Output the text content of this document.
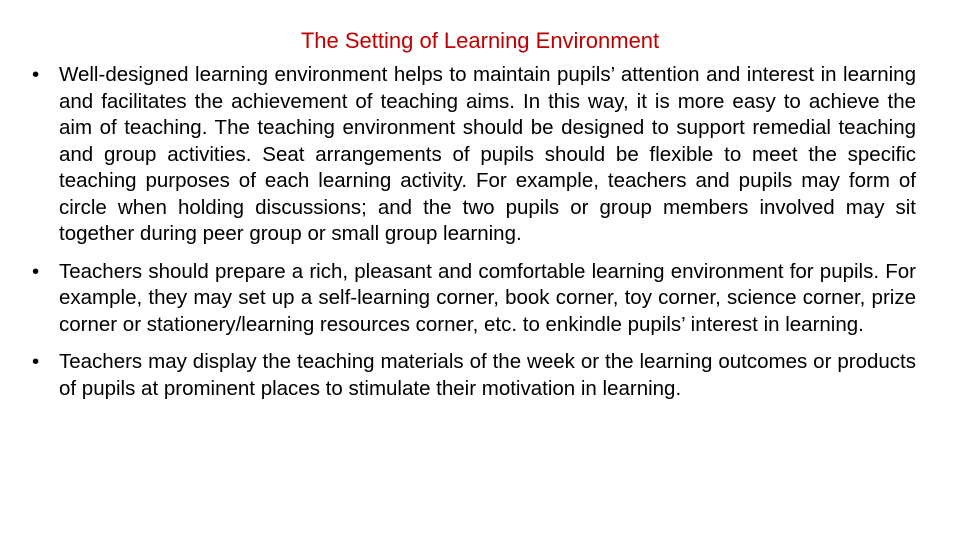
The Setting of Learning Environment
• Well-designed learning environment helps to maintain pupils’ attention and interest in learning and facilitates the achievement of teaching aims. In this way, it is more easy to achieve the aim of teaching. The teaching environment should be designed to support remedial teaching and group activities. Seat arrangements of pupils should be flexible to meet the specific teaching purposes of each learning activity. For example, teachers and pupils may form of circle when holding discussions; and the two pupils or group members involved may sit together during peer group or small group learning.
• Teachers should prepare a rich, pleasant and comfortable learning environment for pupils. For example, they may set up a self-learning corner, book corner, toy corner, science corner, prize corner or stationery/learning resources corner, etc. to enkindle pupils’ interest in learning.
• Teachers may display the teaching materials of the week or the learning outcomes or products of pupils at prominent places to stimulate their motivation in learning.
